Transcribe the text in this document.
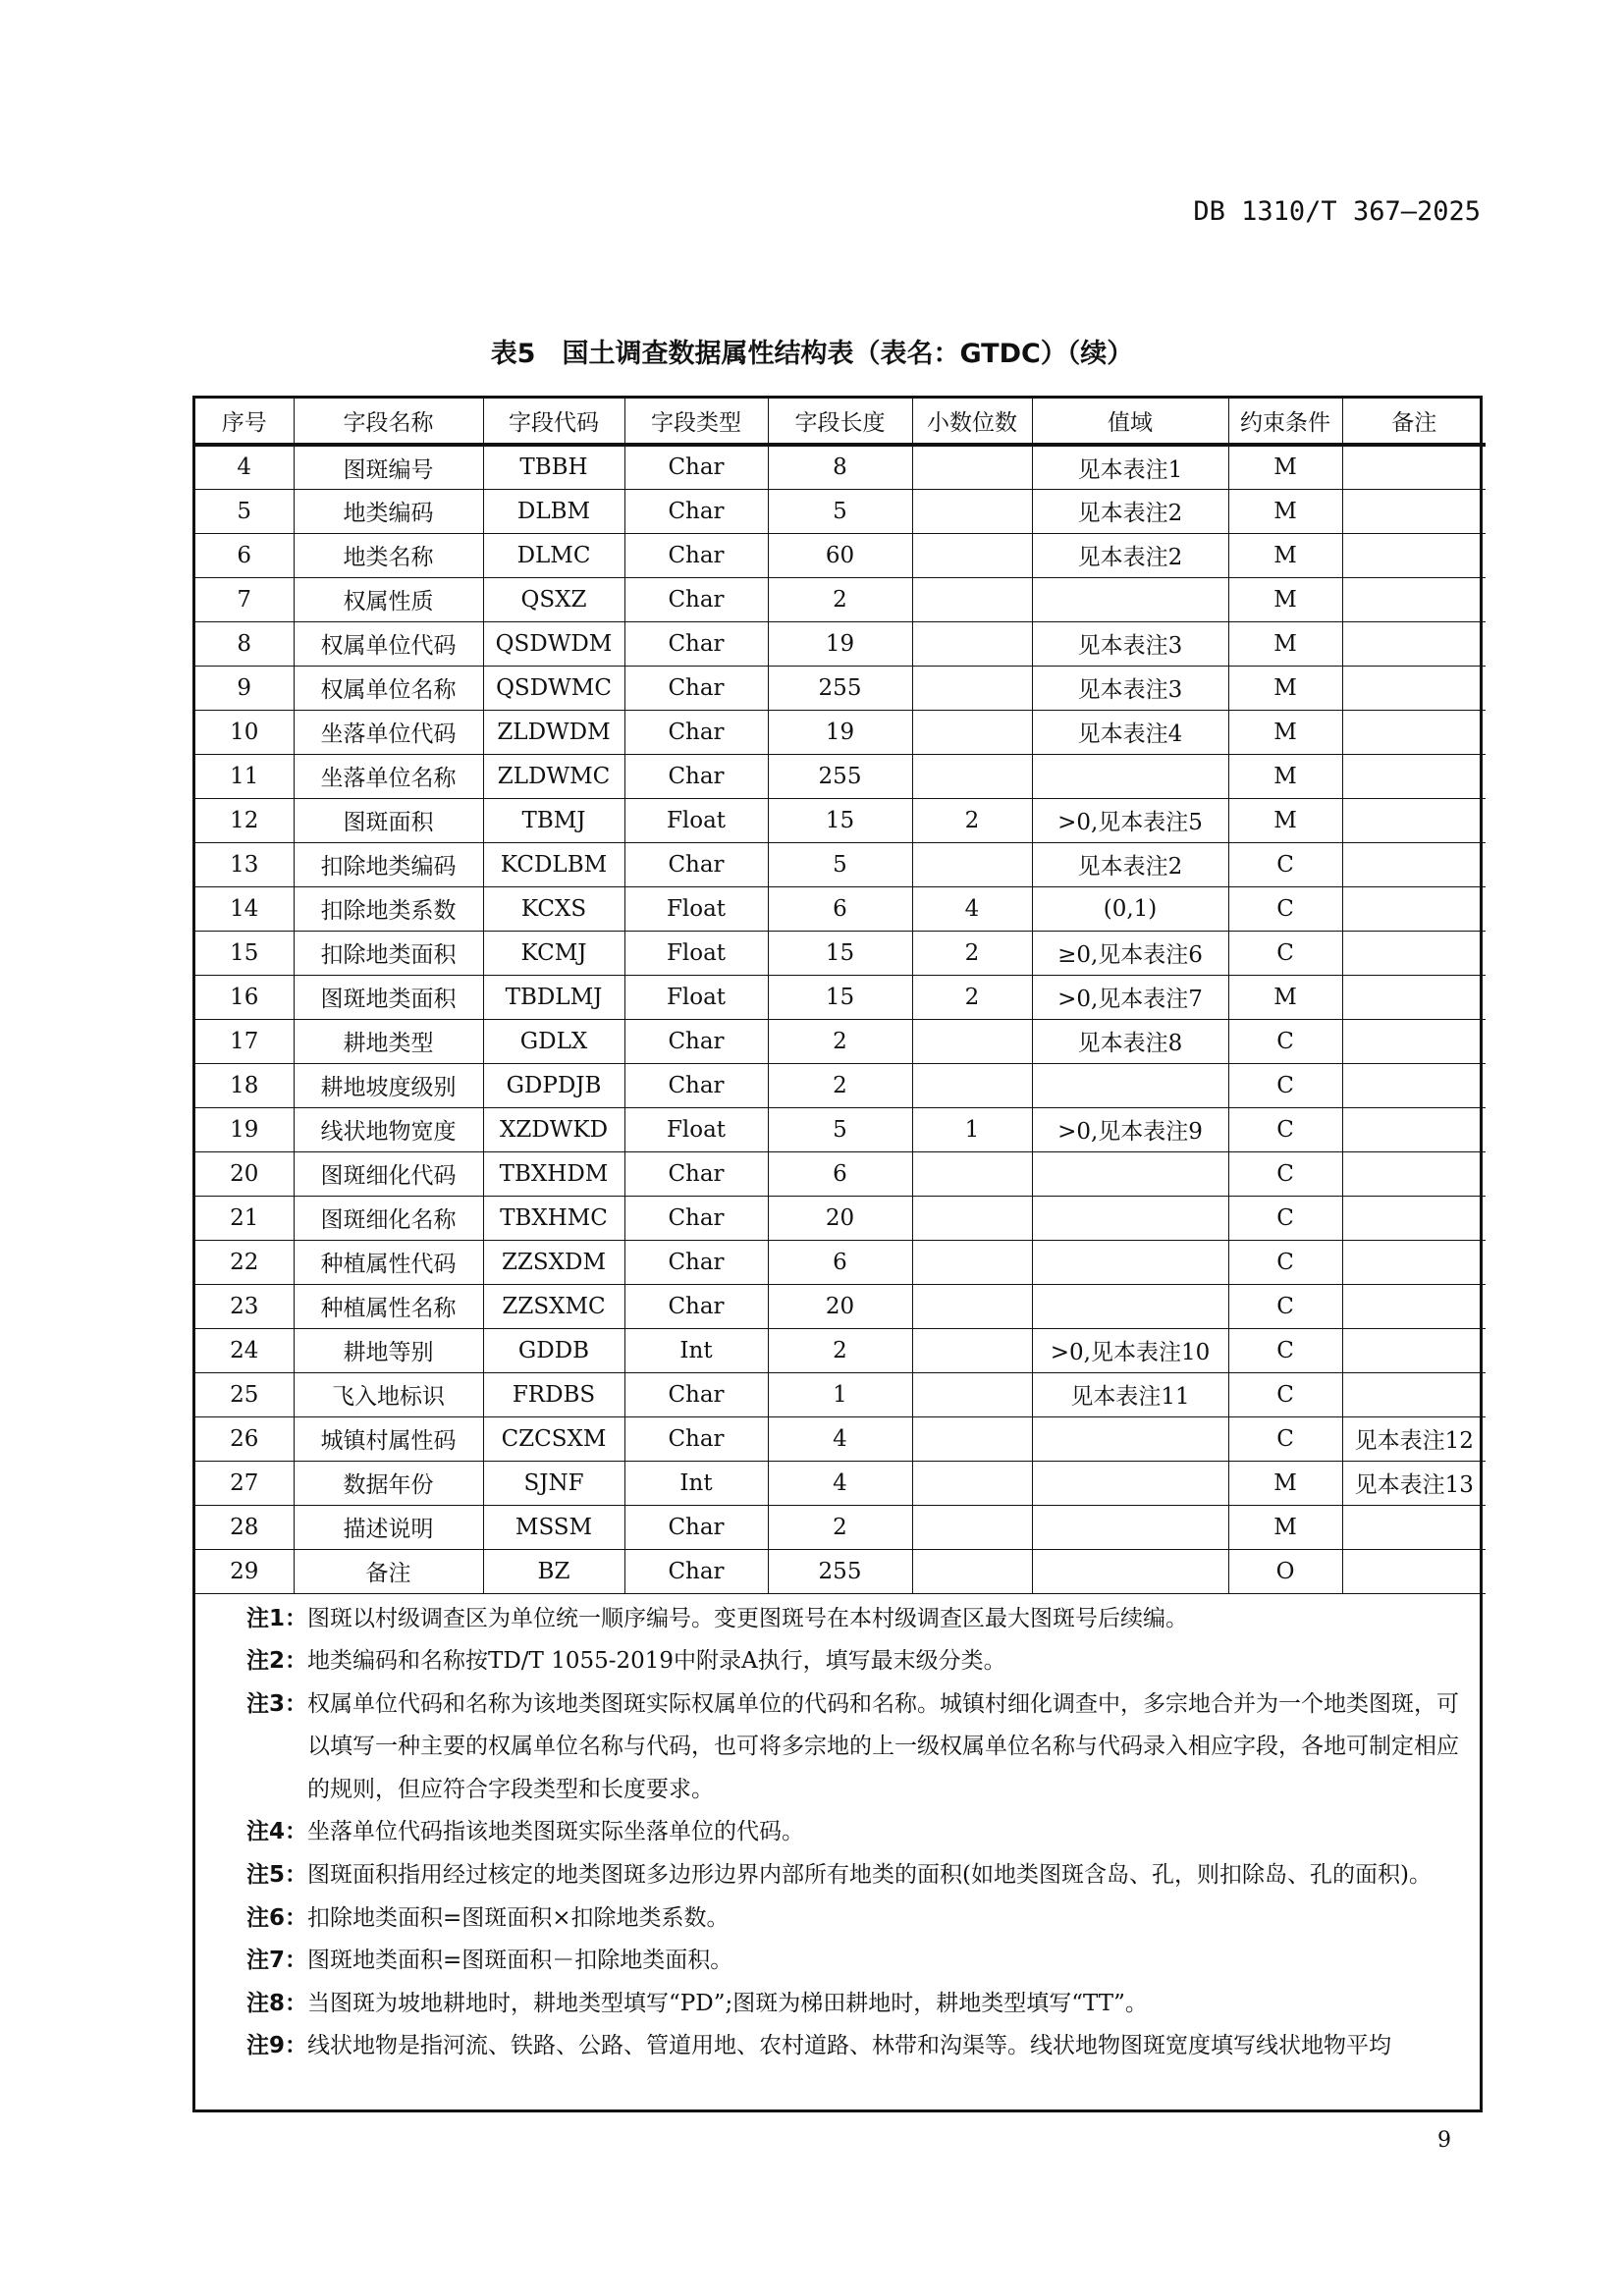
DB 1310/T 367—2025
表5　国土调查数据属性结构表（表名：GTDC）（续）
序号	字段名称	字段代码	字段类型	字段长度	小数位数	值域	约束条件	备注
4	图斑编号	TBBH	Char	8		见本表注1	M	
5	地类编码	DLBM	Char	5		见本表注2	M	
6	地类名称	DLMC	Char	60		见本表注2	M	
7	权属性质	QSXZ	Char	2			M	
8	权属单位代码	QSDWDM	Char	19		见本表注3	M	
9	权属单位名称	QSDWMC	Char	255		见本表注3	M	
10	坐落单位代码	ZLDWDM	Char	19		见本表注4	M	
11	坐落单位名称	ZLDWMC	Char	255			M	
12	图斑面积	TBMJ	Float	15	2	>0,见本表注5	M	
13	扣除地类编码	KCDLBM	Char	5		见本表注2	C	
14	扣除地类系数	KCXS	Float	6	4	(0,1)	C	
15	扣除地类面积	KCMJ	Float	15	2	≥0,见本表注6	C	
16	图斑地类面积	TBDLMJ	Float	15	2	>0,见本表注7	M	
17	耕地类型	GDLX	Char	2		见本表注8	C	
18	耕地坡度级别	GDPDJB	Char	2			C	
19	线状地物宽度	XZDWKD	Float	5	1	>0,见本表注9	C	
20	图斑细化代码	TBXHDM	Char	6			C	
21	图斑细化名称	TBXHMC	Char	20			C	
22	种植属性代码	ZZSXDM	Char	6			C	
23	种植属性名称	ZZSXMC	Char	20			C	
24	耕地等别	GDDB	Int	2		>0,见本表注10	C	
25	飞入地标识	FRDBS	Char	1		见本表注11	C	
26	城镇村属性码	CZCSXM	Char	4			C	见本表注12
27	数据年份	SJNF	Int	4			M	见本表注13
28	描述说明	MSSM	Char	2			M	
29	备注	BZ	Char	255			O	
注1： 图斑以村级调查区为单位统一顺序编号。变更图斑号在本村级调查区最大图斑号后续编。
注2： 地类编码和名称按TD/T 1055-2019中附录A执行，填写最末级分类。
注3： 权属单位代码和名称为该地类图斑实际权属单位的代码和名称。城镇村细化调查中，多宗地合并为一个地类图斑，可以填写一种主要的权属单位名称与代码，也可将多宗地的上一级权属单位名称与代码录入相应字段，各地可制定相应的规则，但应符合字段类型和长度要求。
注4： 坐落单位代码指该地类图斑实际坐落单位的代码。
注5： 图斑面积指用经过核定的地类图斑多边形边界内部所有地类的面积(如地类图斑含岛、孔，则扣除岛、孔的面积)。
注6： 扣除地类面积=图斑面积×扣除地类系数。
注7： 图斑地类面积=图斑面积－扣除地类面积。
注8： 当图斑为坡地耕地时，耕地类型填写“PD”;图斑为梯田耕地时，耕地类型填写“TT”。
注9： 线状地物是指河流、铁路、公路、管道用地、农村道路、林带和沟渠等。线状地物图斑宽度填写线状地物平均
9
